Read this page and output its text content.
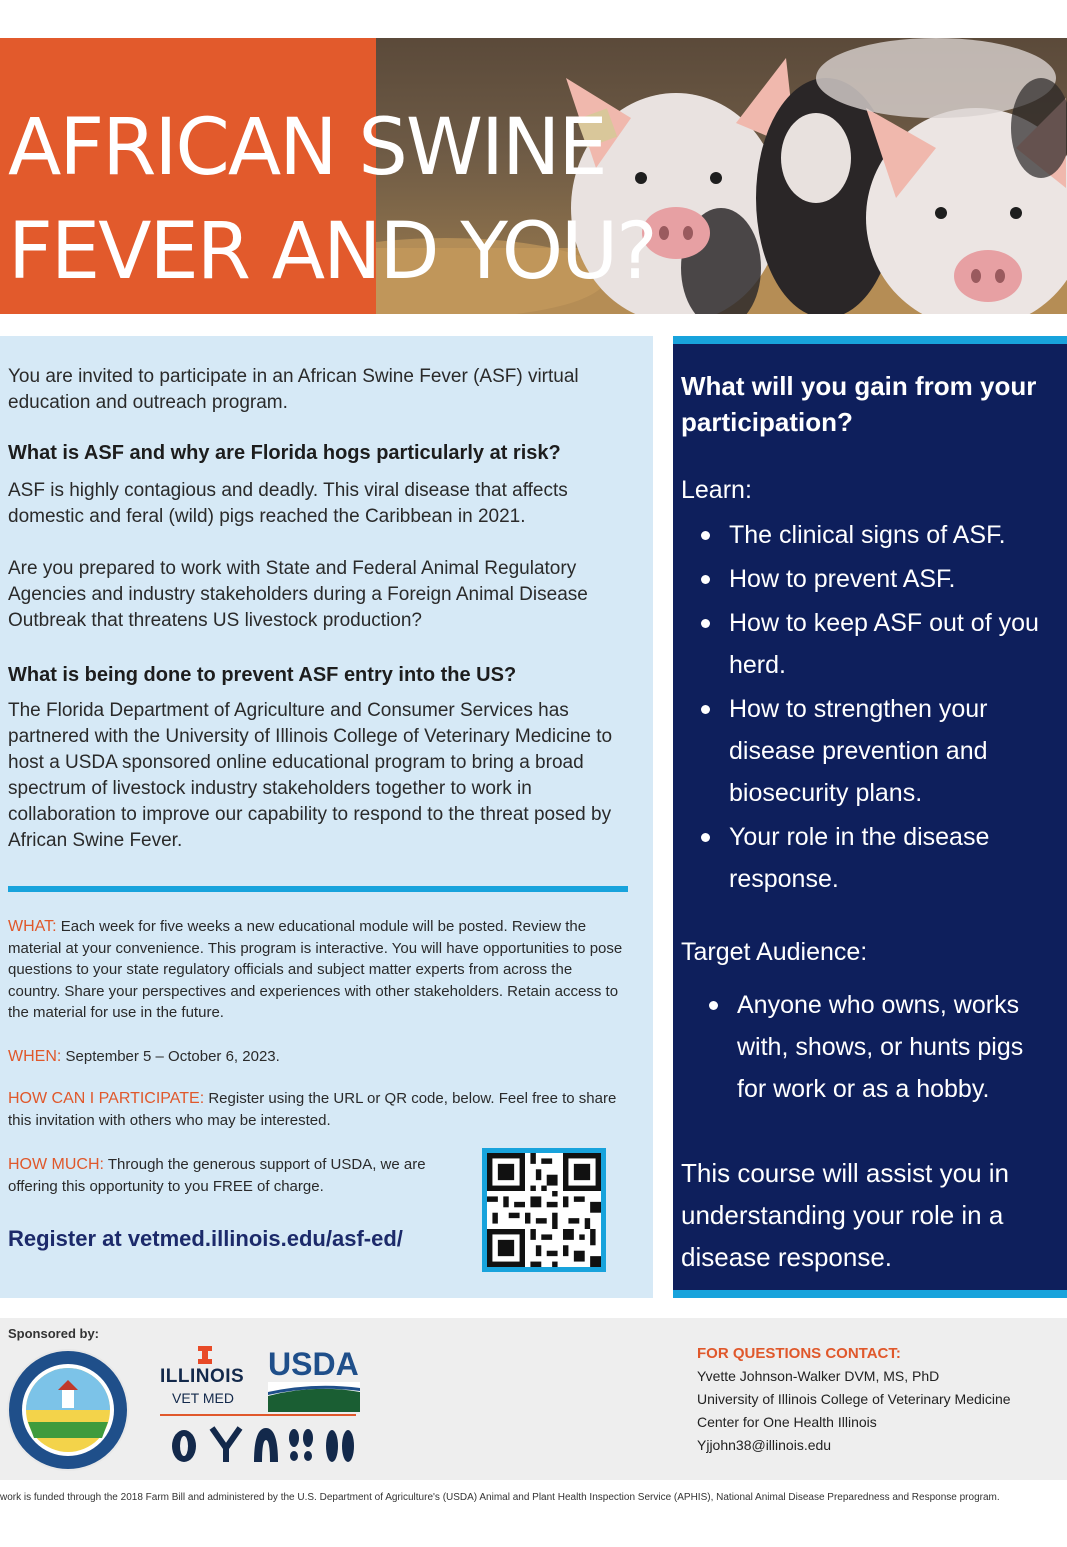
AFRICAN SWINE
FEVER AND YOU?

You are invited to participate in an African Swine Fever (ASF) virtual education and outreach program.

What is ASF and why are Florida hogs particularly at risk?

ASF is highly contagious and deadly. This viral disease that affects domestic and feral (wild) pigs reached the Caribbean in 2021.

Are you prepared to work with State and Federal Animal Regulatory Agencies and industry stakeholders during a Foreign Animal Disease Outbreak that threatens US livestock production?

What is being done to prevent ASF entry into the US?

The Florida Department of Agriculture and Consumer Services has partnered with the University of Illinois College of Veterinary Medicine to host a USDA sponsored online educational program to bring a broad spectrum of livestock industry stakeholders together to work in collaboration to improve our capability to respond to the threat posed by African Swine Fever.

WHAT: Each week for five weeks a new educational module will be posted. Review the material at your convenience. This program is interactive. You will have opportunities to pose questions to your state regulatory officials and subject matter experts from across the country. Share your perspectives and experiences with other stakeholders. Retain access to the material for use in the future.

WHEN: September 5 – October 6, 2023.

HOW CAN I PARTICIPATE: Register using the URL or QR code, below. Feel free to share this invitation with others who may be interested.

HOW MUCH: Through the generous support of USDA, we are offering this opportunity to you FREE of charge.

Register at vetmed.illinois.edu/asf-ed/
What will you gain from your participation?
Learn:
The clinical signs of ASF.
How to prevent ASF.
How to keep ASF out of you
herd.
How to strengthen your
disease prevention and
biosecurity plans.
Your role in the disease
response.
Target Audience:
Anyone who owns, works
with, shows, or hunts pigs
for work or as a hobby.

This course will assist you in understanding your role in a disease response.

Sponsored by:
ILLINOIS
VET MED
USDA	FOR QUESTIONS CONTACT:
Yvette Johnson-Walker DVM, MS, PhD
University of Illinois College of Veterinary Medicine
Center for One Health Illinois
Yjjohn38@illinois.edu
work is funded through the 2018 Farm Bill and administered by the U.S. Department of Agriculture's (USDA) Animal and Plant Health Inspection Service (APHIS), National Animal Disease Preparedness and Response program.
